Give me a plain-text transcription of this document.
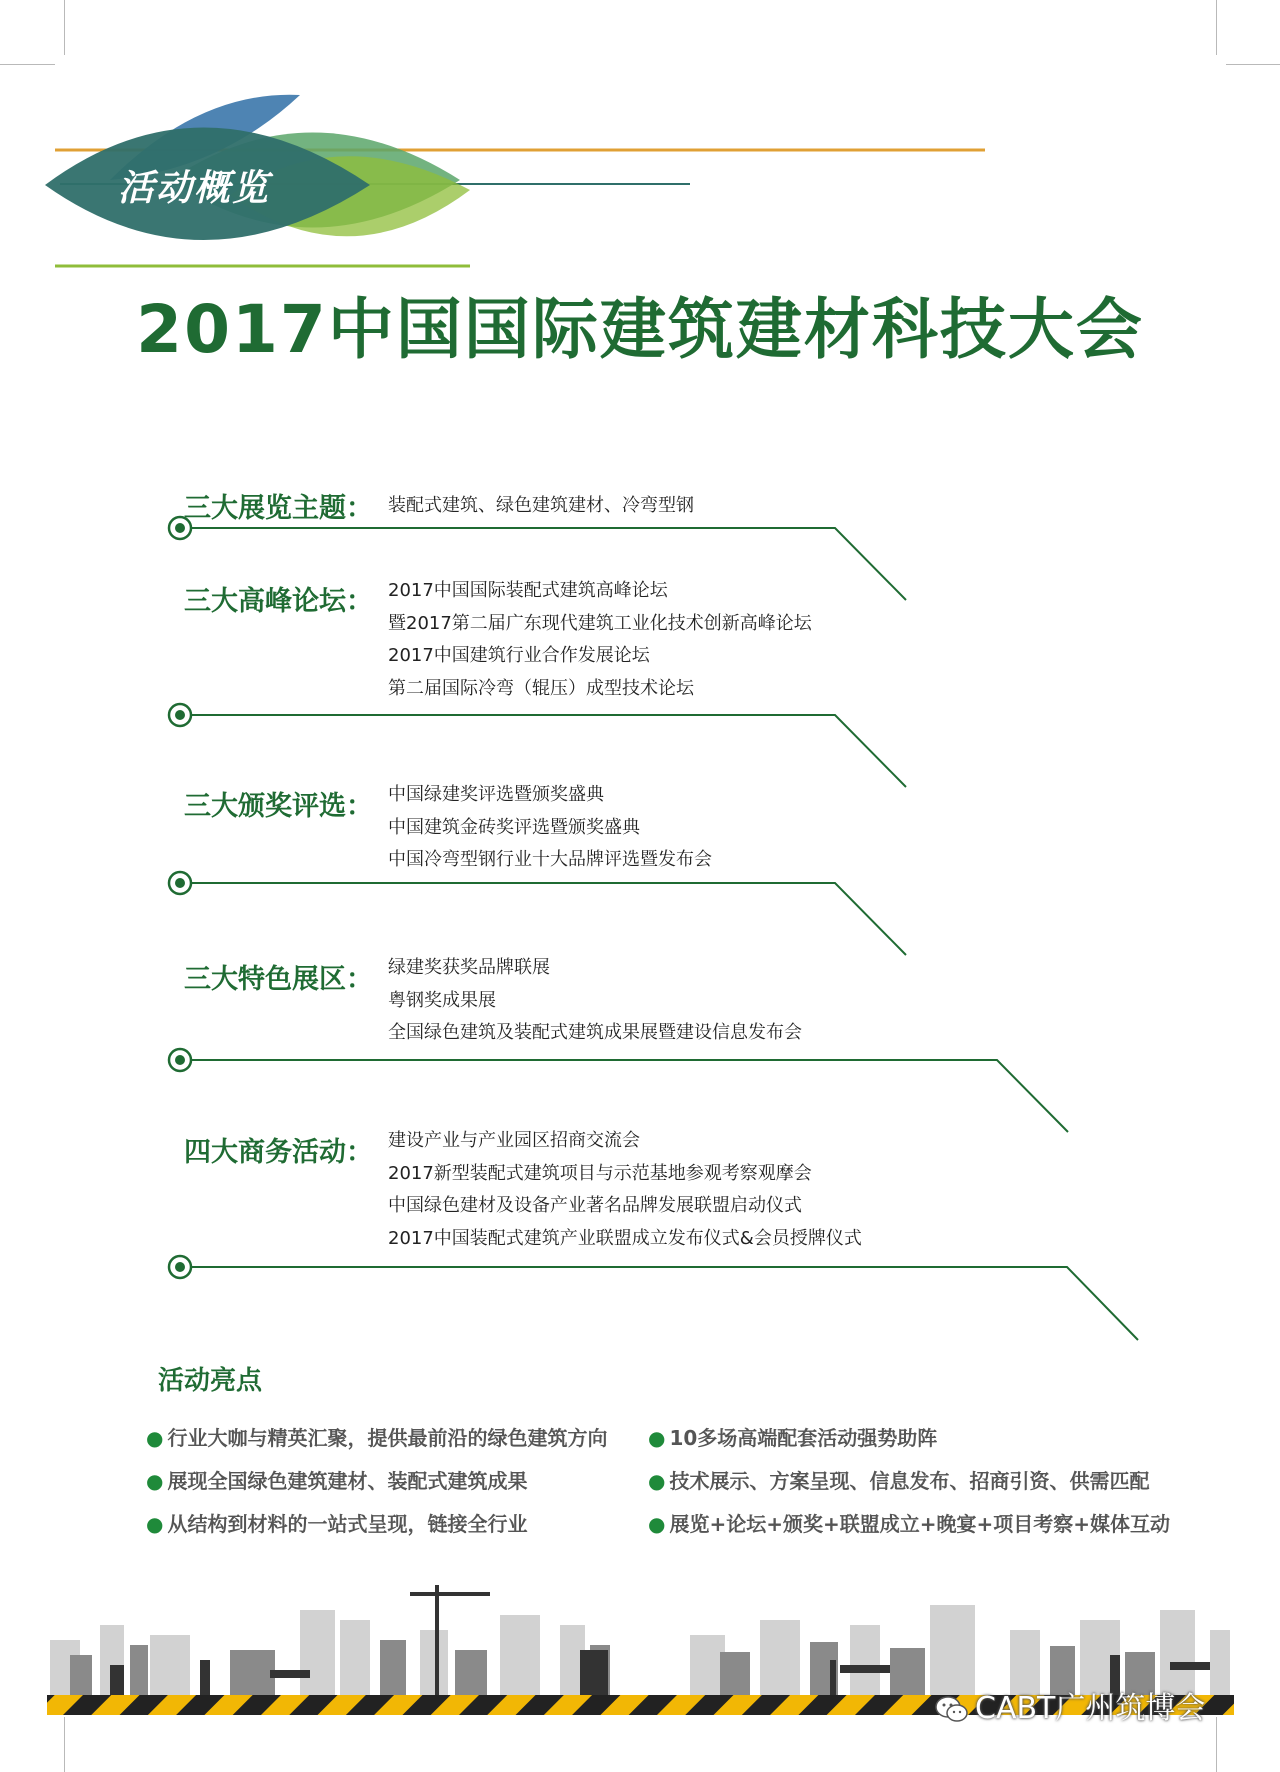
活动概览
2017中国国际建筑建材科技大会
三大展览主题： 装配式建筑、绿色建筑建材、冷弯型钢
三大高峰论坛： 2017中国国际装配式建筑高峰论坛
暨2017第二届广东现代建筑工业化技术创新高峰论坛
2017中国建筑行业合作发展论坛
第二届国际冷弯（辊压）成型技术论坛
三大颁奖评选： 中国绿建奖评选暨颁奖盛典
中国建筑金砖奖评选暨颁奖盛典
中国冷弯型钢行业十大品牌评选暨发布会
三大特色展区： 绿建奖获奖品牌联展
粤钢奖成果展
全国绿色建筑及装配式建筑成果展暨建设信息发布会
四大商务活动： 建设产业与产业园区招商交流会
2017新型装配式建筑项目与示范基地参观考察观摩会
中国绿色建材及设备产业著名品牌发展联盟启动仪式
2017中国装配式建筑产业联盟成立发布仪式&会员授牌仪式
活动亮点
● 行业大咖与精英汇聚，提供最前沿的绿色建筑方向
● 展现全国绿色建筑建材、装配式建筑成果
● 从结构到材料的一站式呈现，链接全行业
● 10多场高端配套活动强势助阵
● 技术展示、方案呈现、信息发布、招商引资、供需匹配
● 展览+论坛+颁奖+联盟成立+晚宴+项目考察+媒体互动
CABT广州筑博会
